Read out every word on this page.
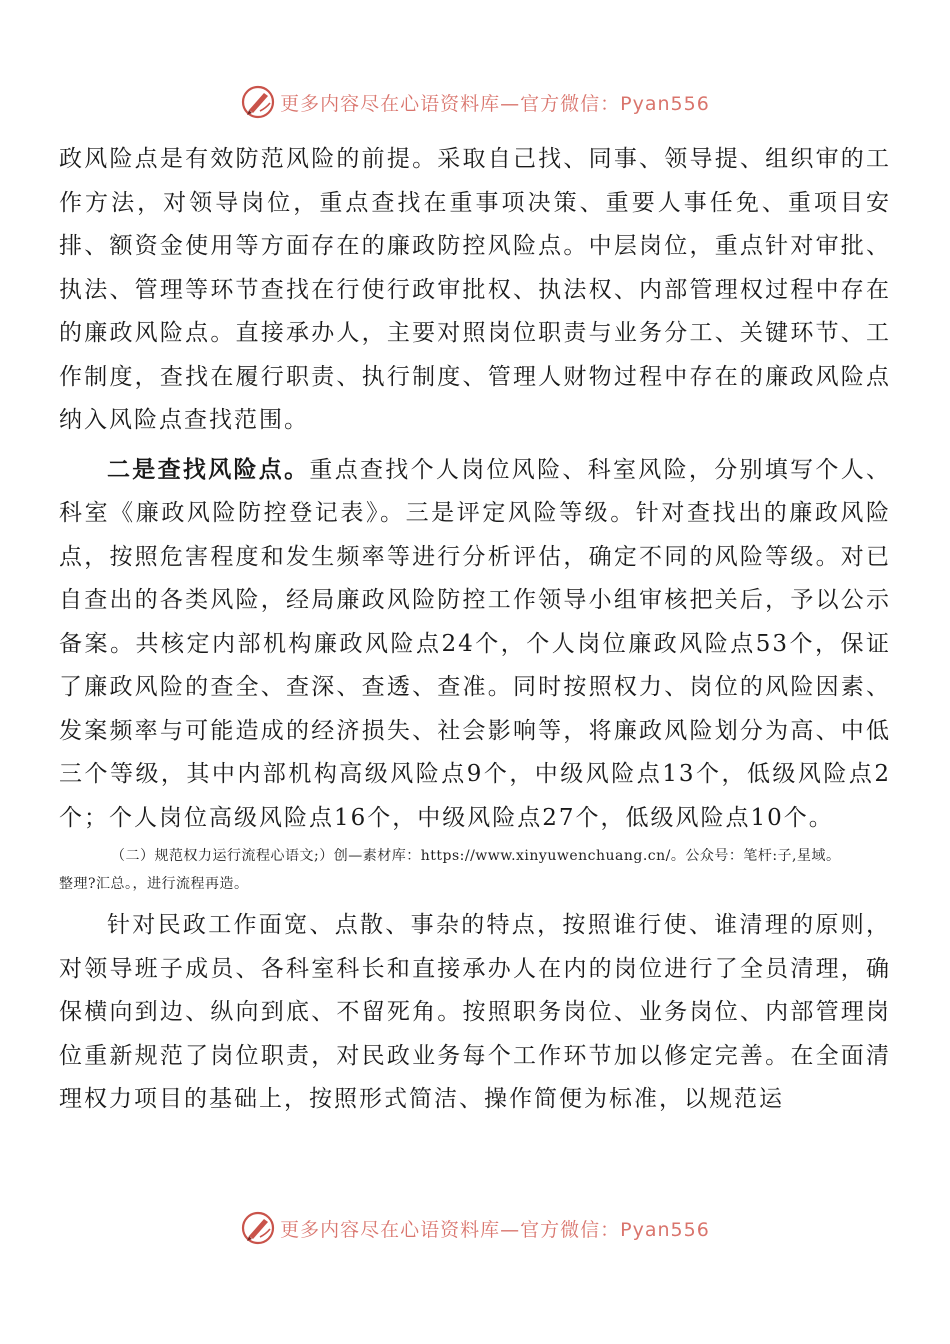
更多内容尽在心语资料库—官方微信：Pyan556

政风险点是有效防范风险的前提。采取自己找、同事、领导提、组织审的工作方法，对领导岗位，重点查找在重事项决策、重要人事任免、重项目安排、额资金使用等方面存在的廉政防控风险点。中层岗位，重点针对审批、执法、管理等环节查找在行使行政审批权、执法权、内部管理权过程中存在的廉政风险点。直接承办人，主要对照岗位职责与业务分工、关键环节、工作制度，查找在履行职责、执行制度、管理人财物过程中存在的廉政风险点纳入风险点查找范围。

二是查找风险点。重点查找个人岗位风险、科室风险，分别填写个人、科室《廉政风险防控登记表》。三是评定风险等级。针对查找出的廉政风险点，按照危害程度和发生频率等进行分析评估，确定不同的风险等级。对已自查出的各类风险，经局廉政风险防控工作领导小组审核把关后，予以公示备案。共核定内部机构廉政风险点24个，个人岗位廉政风险点53个，保证了廉政风险的查全、查深、查透、查准。同时按照权力、岗位的风险因素、发案频率与可能造成的经济损失、社会影响等，将廉政风险划分为高、中低三个等级，其中内部机构高级风险点9个，中级风险点13个，低级风险点2个；个人岗位高级风险点16个，中级风险点27个，低级风险点10个。

（二）规范权力运行流程心语文;）创—素材库：https://www.xinyuwenchuang.cn/。公众号：笔杆:子,星域。
整理?汇总。，进行流程再造。

针对民政工作面宽、点散、事杂的特点，按照谁行使、谁清理的原则，对领导班子成员、各科室科长和直接承办人在内的岗位进行了全员清理，确保横向到边、纵向到底、不留死角。按照职务岗位、业务岗位、内部管理岗位重新规范了岗位职责，对民政业务每个工作环节加以修定完善。在全面清理权力项目的基础上，按照形式简洁、操作简便为标准，以规范运

更多内容尽在心语资料库—官方微信：Pyan556
